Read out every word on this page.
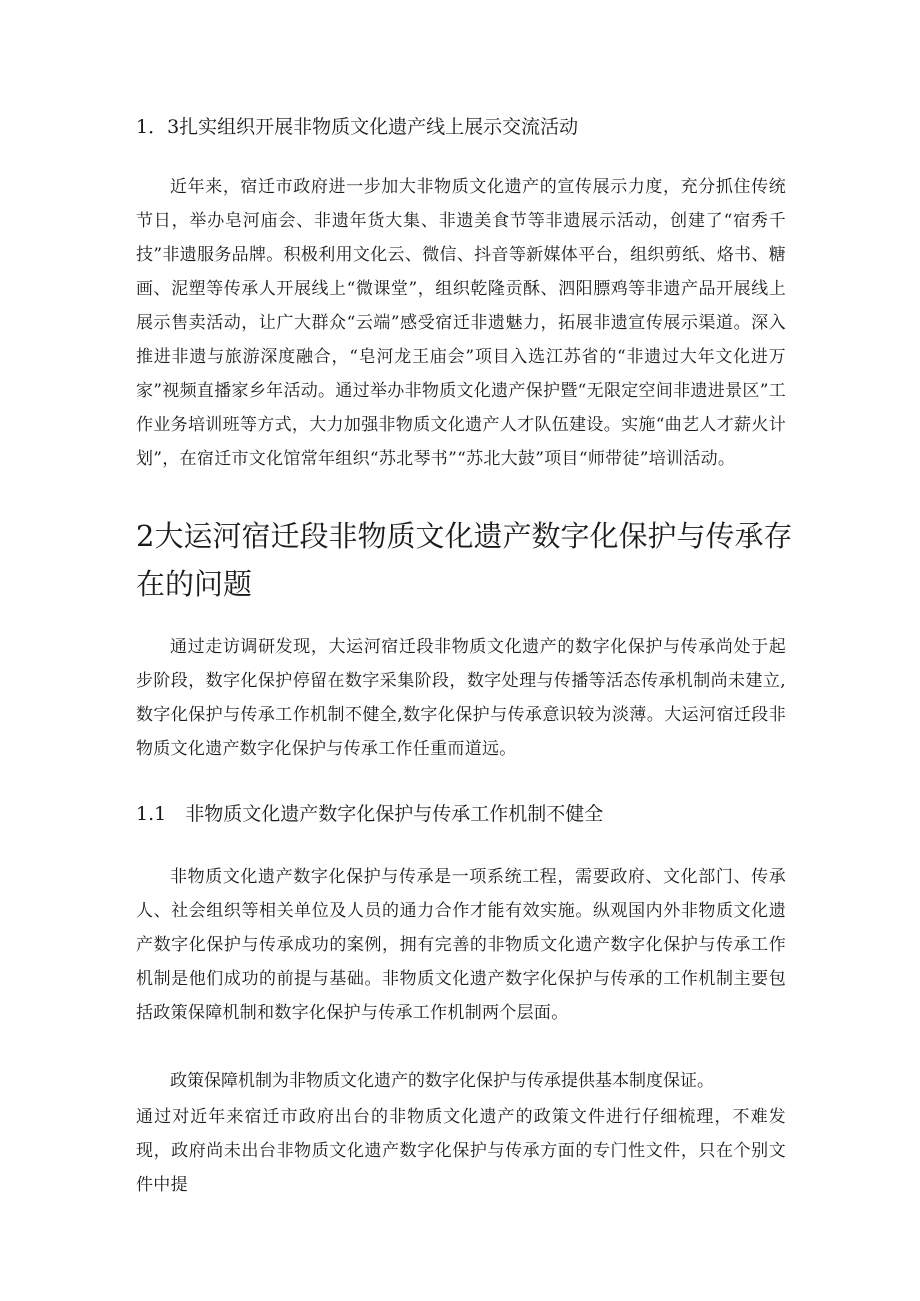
1．3扎实组织开展非物质文化遗产线上展示交流活动
近年来，宿迁市政府进一步加大非物质文化遗产的宣传展示力度，充分抓住传统节日，举办皂河庙会、非遗年货大集、非遗美食节等非遗展示活动，创建了“宿秀千技”非遗服务品牌。积极利用文化云、微信、抖音等新媒体平台，组织剪纸、烙书、糖画、泥塑等传承人开展线上“微课堂”，组织乾隆贡酥、泗阳膘鸡等非遗产品开展线上展示售卖活动，让广大群众“云端”感受宿迁非遗魅力，拓展非遗宣传展示渠道。深入推进非遗与旅游深度融合，“皂河龙王庙会”项目入选江苏省的“非遗过大年文化进万家”视频直播家乡年活动。通过举办非物质文化遗产保护暨“无限定空间非遗进景区”工作业务培训班等方式，大力加强非物质文化遗产人才队伍建设。实施“曲艺人才薪火计划”，在宿迁市文化馆常年组织“苏北琴书”“苏北大鼓”项目“师带徒”培训活动。
2大运河宿迁段非物质文化遗产数字化保护与传承存在的问题
通过走访调研发现，大运河宿迁段非物质文化遗产的数字化保护与传承尚处于起步阶段，数字化保护停留在数字采集阶段，数字处理与传播等活态传承机制尚未建立,数字化保护与传承工作机制不健全,数字化保护与传承意识较为淡薄。大运河宿迁段非物质文化遗产数字化保护与传承工作任重而道远。
1.1　非物质文化遗产数字化保护与传承工作机制不健全
非物质文化遗产数字化保护与传承是一项系统工程，需要政府、文化部门、传承人、社会组织等相关单位及人员的通力合作才能有效实施。纵观国内外非物质文化遗产数字化保护与传承成功的案例，拥有完善的非物质文化遗产数字化保护与传承工作机制是他们成功的前提与基础。非物质文化遗产数字化保护与传承的工作机制主要包括政策保障机制和数字化保护与传承工作机制两个层面。
政策保障机制为非物质文化遗产的数字化保护与传承提供基本制度保证。
通过对近年来宿迁市政府出台的非物质文化遗产的政策文件进行仔细梳理，不难发现，政府尚未出台非物质文化遗产数字化保护与传承方面的专门性文件，只在个别文件中提
